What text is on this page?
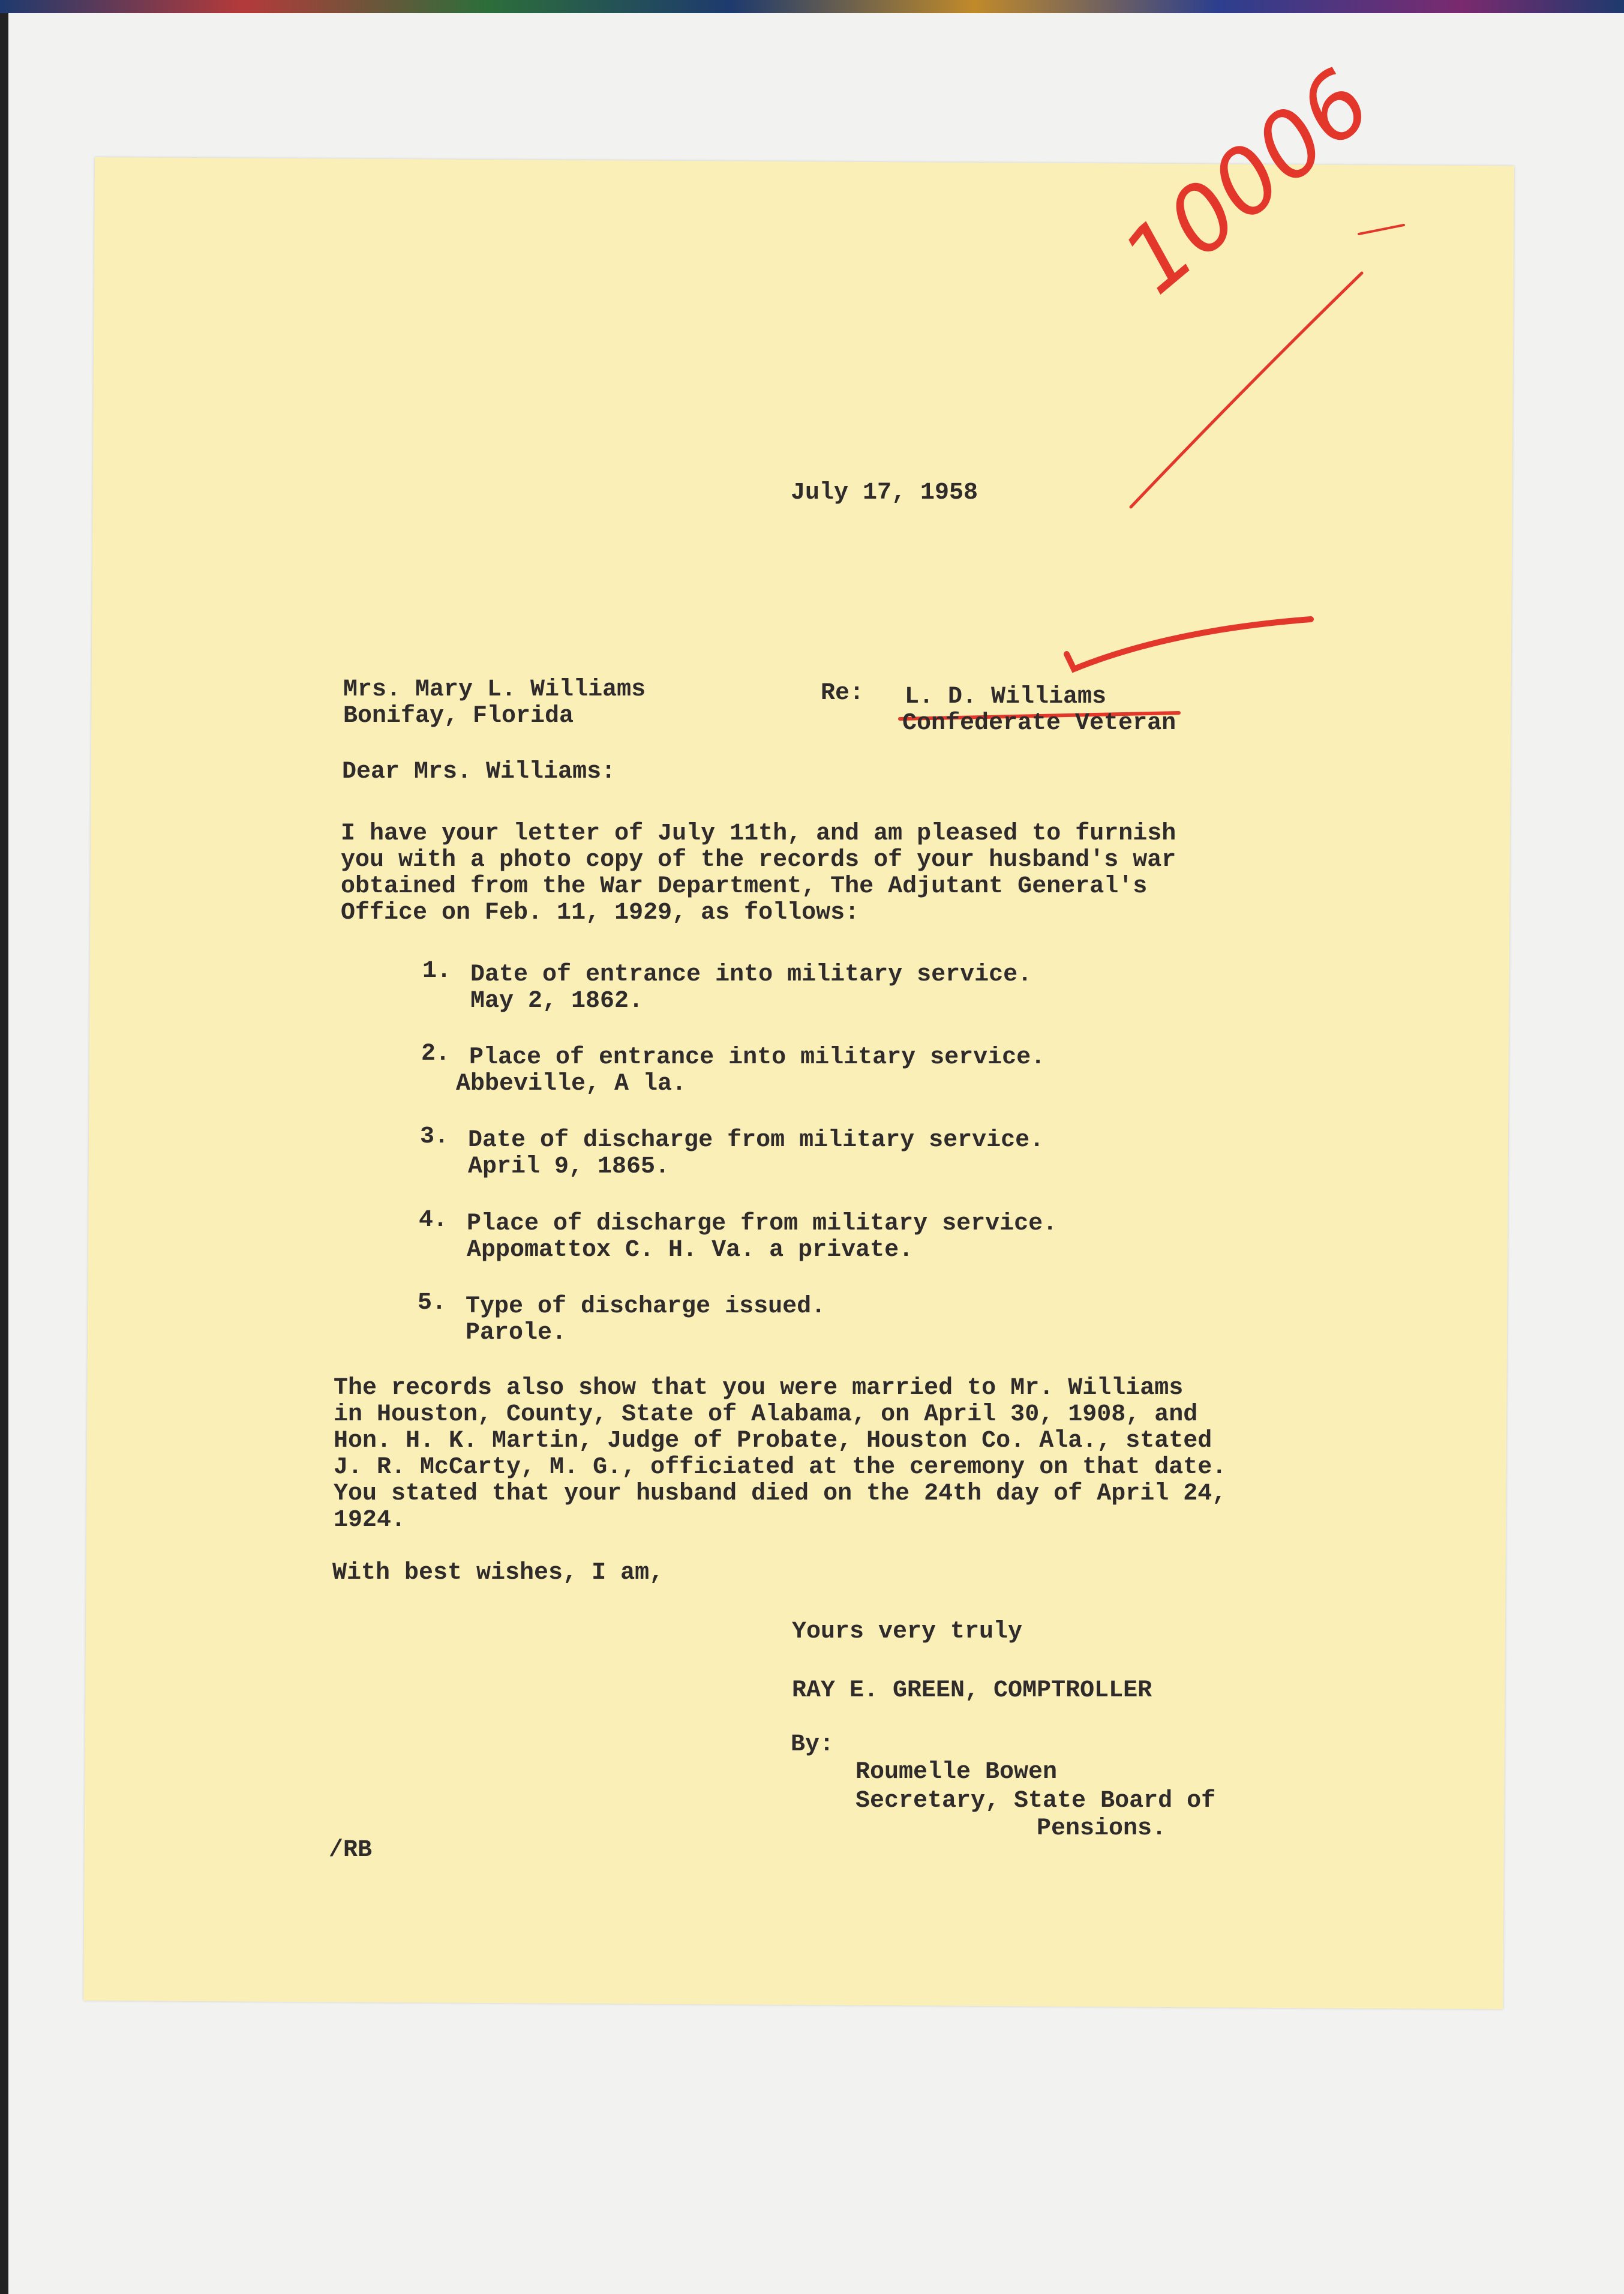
10006
July 17, 1958
Mrs. Mary L. Williams
Bonifay, Florida
Re: L. D. Williams
Confederate Veteran
Dear Mrs. Williams:
I have your letter of July 11th, and am pleased to furnish
you with a photo copy of the records of your husband's war
obtained from the War Department, The Adjutant General's
Office on Feb. 11, 1929, as follows:
1. Date of entrance into military service.
May 2, 1862.
2. Place of entrance into military service.
Abbeville, A la.
3. Date of discharge from military service.
April 9, 1865.
4. Place of discharge from military service.
Appomattox C. H. Va. a private.
5. Type of discharge issued.
Parole.
The records also show that you were married to Mr. Williams
in Houston, County, State of Alabama, on April 30, 1908, and
Hon. H. K. Martin, Judge of Probate, Houston Co. Ala., stated
J. R. McCarty, M. G., officiated at the ceremony on that date.
You stated that your husband died on the 24th day of April 24,
1924.
With best wishes, I am,
Yours very truly
RAY E. GREEN, COMPTROLLER
By:
Roumelle Bowen
Secretary, State Board of
Pensions.
/RB
